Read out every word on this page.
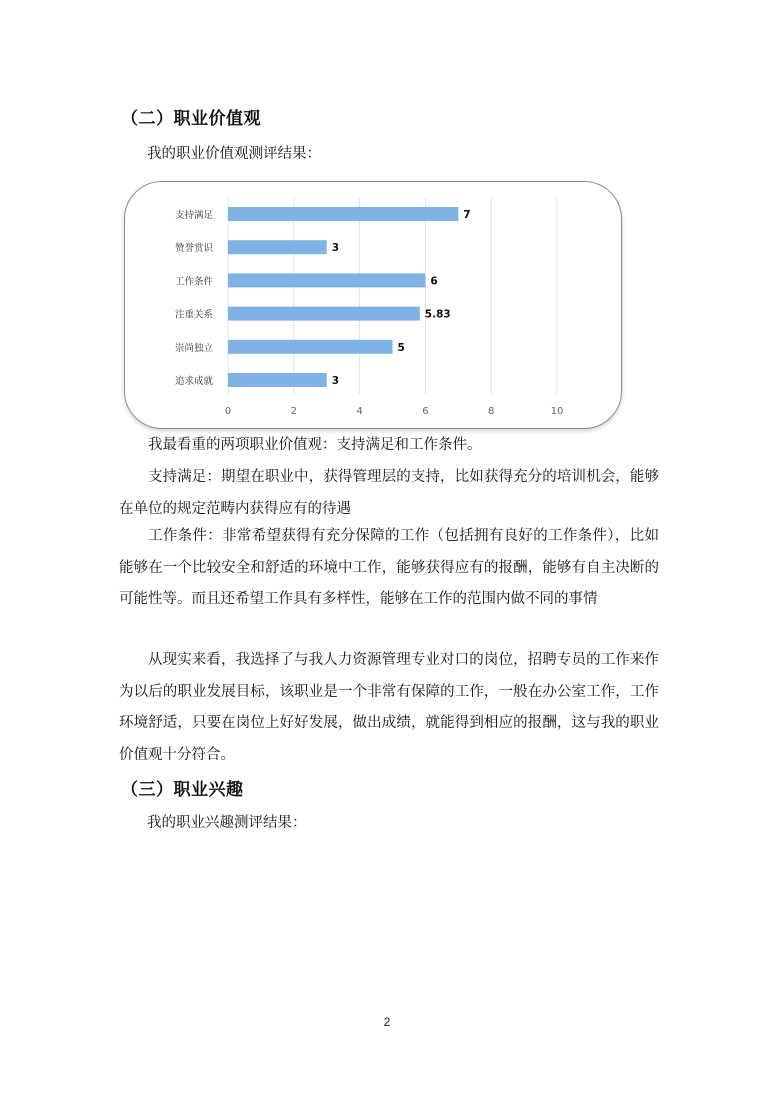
（二）职业价值观

我的职业价值观测评结果：

0	2	4	6	8	10
支持满足	7
赞誉赏识	3
工作条件	6
注重关系	5.83
崇尚独立	5
追求成就	3

我最看重的两项职业价值观：支持满足和工作条件。

支持满足：期望在职业中，获得管理层的支持，比如获得充分的培训机会，能够在单位的规定范畴内获得应有的待遇

工作条件：非常希望获得有充分保障的工作（包括拥有良好的工作条件），比如能够在一个比较安全和舒适的环境中工作，能够获得应有的报酬，能够有自主决断的可能性等。而且还希望工作具有多样性，能够在工作的范围内做不同的事情

从现实来看，我选择了与我人力资源管理专业对口的岗位，招聘专员的工作来作为以后的职业发展目标，该职业是一个非常有保障的工作，一般在办公室工作，工作环境舒适，只要在岗位上好好发展，做出成绩，就能得到相应的报酬，这与我的职业价值观十分符合。

（三）职业兴趣

我的职业兴趣测评结果：

2
